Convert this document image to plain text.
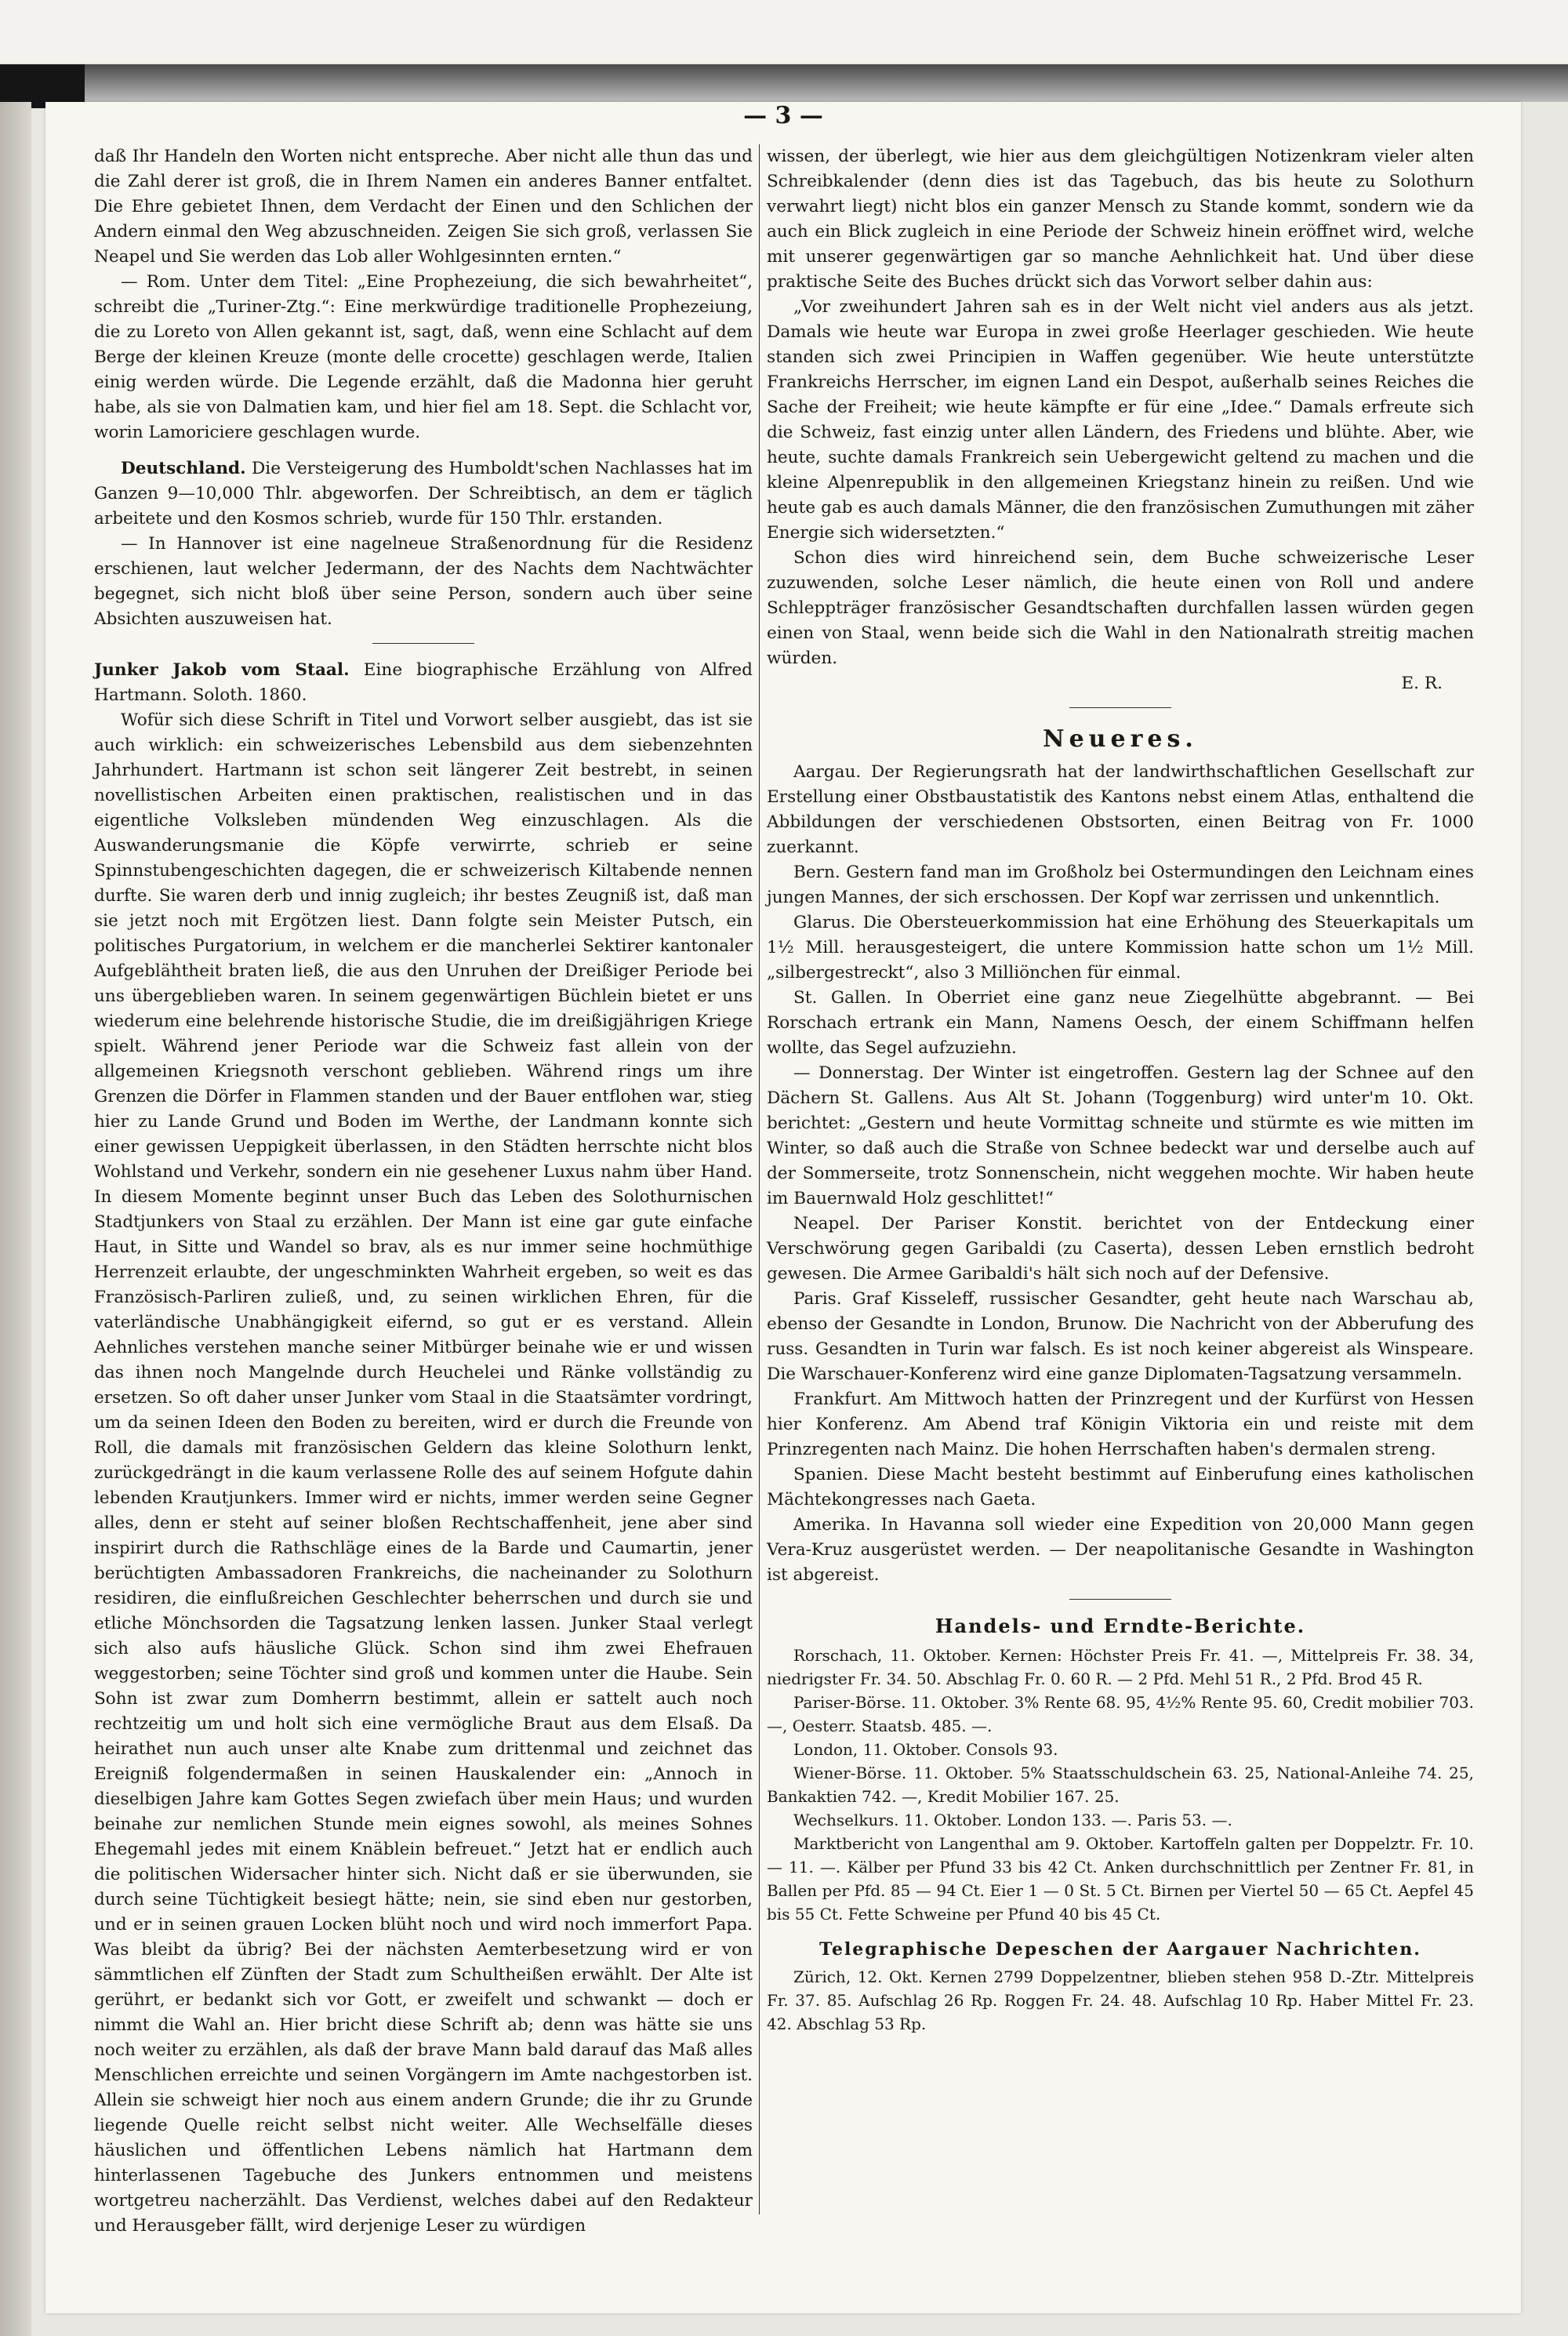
— 3 —

daß Ihr Handeln den Worten nicht entspreche. Aber nicht alle thun das und die Zahl derer ist groß, die in Ihrem Namen ein anderes Banner entfaltet. Die Ehre gebietet Ihnen, dem Verdacht der Einen und den Schlichen der Andern einmal den Weg abzuschneiden. Zeigen Sie sich groß, verlassen Sie Neapel und Sie werden das Lob aller Wohlgesinnten ernten.“

— Rom. Unter dem Titel: „Eine Prophezeiung, die sich bewahrheitet“, schreibt die „Turiner-Ztg.“: Eine merkwürdige traditionelle Prophezeiung, die zu Loreto von Allen gekannt ist, sagt, daß, wenn eine Schlacht auf dem Berge der kleinen Kreuze (monte delle crocette) geschlagen werde, Italien einig werden würde. Die Legende erzählt, daß die Madonna hier geruht habe, als sie von Dalmatien kam, und hier fiel am 18. Sept. die Schlacht vor, worin Lamoriciere geschlagen wurde.

Deutschland. Die Versteigerung des Humboldt'schen Nachlasses hat im Ganzen 9—10,000 Thlr. abgeworfen. Der Schreibtisch, an dem er täglich arbeitete und den Kosmos schrieb, wurde für 150 Thlr. erstanden.

— In Hannover ist eine nagelneue Straßenordnung für die Residenz erschienen, laut welcher Jedermann, der des Nachts dem Nachtwächter begegnet, sich nicht bloß über seine Person, sondern auch über seine Absichten auszuweisen hat.

Junker Jakob vom Staal. Eine biographische Erzählung von Alfred Hartmann. Soloth. 1860.

Wofür sich diese Schrift in Titel und Vorwort selber ausgiebt, das ist sie auch wirklich: ein schweizerisches Lebensbild aus dem siebenzehnten Jahrhundert. Hartmann ist schon seit längerer Zeit bestrebt, in seinen novellistischen Arbeiten einen praktischen, realistischen und in das eigentliche Volksleben mündenden Weg einzuschlagen. Als die Auswanderungsmanie die Köpfe verwirrte, schrieb er seine Spinnstubengeschichten dagegen, die er schweizerisch Kiltabende nennen durfte. Sie waren derb und innig zugleich; ihr bestes Zeugniß ist, daß man sie jetzt noch mit Ergötzen liest. Dann folgte sein Meister Putsch, ein politisches Purgatorium, in welchem er die mancherlei Sektirer kantonaler Aufgeblähtheit braten ließ, die aus den Unruhen der Dreißiger Periode bei uns übergeblieben waren. In seinem gegenwärtigen Büchlein bietet er uns wiederum eine belehrende historische Studie, die im dreißigjährigen Kriege spielt. Während jener Periode war die Schweiz fast allein von der allgemeinen Kriegsnoth verschont geblieben. Während rings um ihre Grenzen die Dörfer in Flammen standen und der Bauer entflohen war, stieg hier zu Lande Grund und Boden im Werthe, der Landmann konnte sich einer gewissen Ueppigkeit überlassen, in den Städten herrschte nicht blos Wohlstand und Verkehr, sondern ein nie gesehener Luxus nahm über Hand. In diesem Momente beginnt unser Buch das Leben des Solothurnischen Stadtjunkers von Staal zu erzählen. Der Mann ist eine gar gute einfache Haut, in Sitte und Wandel so brav, als es nur immer seine hochmüthige Herrenzeit erlaubte, der ungeschminkten Wahrheit ergeben, so weit es das Französisch-Parliren zuließ, und, zu seinen wirklichen Ehren, für die vaterländische Unabhängigkeit eifernd, so gut er es verstand. Allein Aehnliches verstehen manche seiner Mitbürger beinahe wie er und wissen das ihnen noch Mangelnde durch Heuchelei und Ränke vollständig zu ersetzen. So oft daher unser Junker vom Staal in die Staatsämter vordringt, um da seinen Ideen den Boden zu bereiten, wird er durch die Freunde von Roll, die damals mit französischen Geldern das kleine Solothurn lenkt, zurückgedrängt in die kaum verlassene Rolle des auf seinem Hofgute dahin lebenden Krautjunkers. Immer wird er nichts, immer werden seine Gegner alles, denn er steht auf seiner bloßen Rechtschaffenheit, jene aber sind inspirirt durch die Rathschläge eines de la Barde und Caumartin, jener berüchtigten Ambassadoren Frankreichs, die nacheinander zu Solothurn residiren, die einflußreichen Geschlechter beherrschen und durch sie und etliche Mönchsorden die Tagsatzung lenken lassen. Junker Staal verlegt sich also aufs häusliche Glück. Schon sind ihm zwei Ehefrauen weggestorben; seine Töchter sind groß und kommen unter die Haube. Sein Sohn ist zwar zum Domherrn bestimmt, allein er sattelt auch noch rechtzeitig um und holt sich eine vermögliche Braut aus dem Elsaß. Da heirathet nun auch unser alte Knabe zum drittenmal und zeichnet das Ereigniß folgendermaßen in seinen Hauskalender ein: „Annoch in dieselbigen Jahre kam Gottes Segen zwiefach über mein Haus; und wurden beinahe zur nemlichen Stunde mein eignes sowohl, als meines Sohnes Ehegemahl jedes mit einem Knäblein befreuet.“ Jetzt hat er endlich auch die politischen Widersacher hinter sich. Nicht daß er sie überwunden, sie durch seine Tüchtigkeit besiegt hätte; nein, sie sind eben nur gestorben, und er in seinen grauen Locken blüht noch und wird noch immerfort Papa. Was bleibt da übrig? Bei der nächsten Aemterbesetzung wird er von sämmtlichen elf Zünften der Stadt zum Schultheißen erwählt. Der Alte ist gerührt, er bedankt sich vor Gott, er zweifelt und schwankt — doch er nimmt die Wahl an. Hier bricht diese Schrift ab; denn was hätte sie uns noch weiter zu erzählen, als daß der brave Mann bald darauf das Maß alles Menschlichen erreichte und seinen Vorgängern im Amte nachgestorben ist. Allein sie schweigt hier noch aus einem andern Grunde; die ihr zu Grunde liegende Quelle reicht selbst nicht weiter. Alle Wechselfälle dieses häuslichen und öffentlichen Lebens nämlich hat Hartmann dem hinterlassenen Tagebuche des Junkers entnommen und meistens wortgetreu nacherzählt. Das Verdienst, welches dabei auf den Redakteur und Herausgeber fällt, wird derjenige Leser zu würdigen

wissen, der überlegt, wie hier aus dem gleichgültigen Notizenkram vieler alten Schreibkalender (denn dies ist das Tagebuch, das bis heute zu Solothurn verwahrt liegt) nicht blos ein ganzer Mensch zu Stande kommt, sondern wie da auch ein Blick zugleich in eine Periode der Schweiz hinein eröffnet wird, welche mit unserer gegenwärtigen gar so manche Aehnlichkeit hat. Und über diese praktische Seite des Buches drückt sich das Vorwort selber dahin aus:

„Vor zweihundert Jahren sah es in der Welt nicht viel anders aus als jetzt. Damals wie heute war Europa in zwei große Heerlager geschieden. Wie heute standen sich zwei Principien in Waffen gegenüber. Wie heute unterstützte Frankreichs Herrscher, im eignen Land ein Despot, außerhalb seines Reiches die Sache der Freiheit; wie heute kämpfte er für eine „Idee.“ Damals erfreute sich die Schweiz, fast einzig unter allen Ländern, des Friedens und blühte. Aber, wie heute, suchte damals Frankreich sein Uebergewicht geltend zu machen und die kleine Alpenrepublik in den allgemeinen Kriegstanz hinein zu reißen. Und wie heute gab es auch damals Männer, die den französischen Zumuthungen mit zäher Energie sich widersetzten.“

Schon dies wird hinreichend sein, dem Buche schweizerische Leser zuzuwenden, solche Leser nämlich, die heute einen von Roll und andere Schleppträger französischer Gesandtschaften durchfallen lassen würden gegen einen von Staal, wenn beide sich die Wahl in den Nationalrath streitig machen würden.

E. R.
Neueres.

Aargau. Der Regierungsrath hat der landwirthschaftlichen Gesellschaft zur Erstellung einer Obstbaustatistik des Kantons nebst einem Atlas, enthaltend die Abbildungen der verschiedenen Obstsorten, einen Beitrag von Fr. 1000 zuerkannt.

Bern. Gestern fand man im Großholz bei Ostermundingen den Leichnam eines jungen Mannes, der sich erschossen. Der Kopf war zerrissen und unkenntlich.

Glarus. Die Obersteuerkommission hat eine Erhöhung des Steuerkapitals um 1½ Mill. herausgesteigert, die untere Kommission hatte schon um 1½ Mill. „silbergestreckt“, also 3 Milliönchen für einmal.

St. Gallen. In Oberriet eine ganz neue Ziegelhütte abgebrannt. — Bei Rorschach ertrank ein Mann, Namens Oesch, der einem Schiffmann helfen wollte, das Segel aufzuziehn.

— Donnerstag. Der Winter ist eingetroffen. Gestern lag der Schnee auf den Dächern St. Gallens. Aus Alt St. Johann (Toggenburg) wird unter'm 10. Okt. berichtet: „Gestern und heute Vormittag schneite und stürmte es wie mitten im Winter, so daß auch die Straße von Schnee bedeckt war und derselbe auch auf der Sommerseite, trotz Sonnenschein, nicht weggehen mochte. Wir haben heute im Bauernwald Holz geschlittet!“

Neapel. Der Pariser Konstit. berichtet von der Entdeckung einer Verschwörung gegen Garibaldi (zu Caserta), dessen Leben ernstlich bedroht gewesen. Die Armee Garibaldi's hält sich noch auf der Defensive.

Paris. Graf Kisseleff, russischer Gesandter, geht heute nach Warschau ab, ebenso der Gesandte in London, Brunow. Die Nachricht von der Abberufung des russ. Gesandten in Turin war falsch. Es ist noch keiner abgereist als Winspeare. Die Warschauer-Konferenz wird eine ganze Diplomaten-Tagsatzung versammeln.

Frankfurt. Am Mittwoch hatten der Prinzregent und der Kurfürst von Hessen hier Konferenz. Am Abend traf Königin Viktoria ein und reiste mit dem Prinzregenten nach Mainz. Die hohen Herrschaften haben's dermalen streng.

Spanien. Diese Macht besteht bestimmt auf Einberufung eines katholischen Mächtekongresses nach Gaeta.

Amerika. In Havanna soll wieder eine Expedition von 20,000 Mann gegen Vera-Kruz ausgerüstet werden. — Der neapolitanische Gesandte in Washington ist abgereist.

Handels- und Erndte-Berichte.

Rorschach, 11. Oktober. Kernen: Höchster Preis Fr. 41. —, Mittelpreis Fr. 38. 34, niedrigster Fr. 34. 50. Abschlag Fr. 0. 60 R. — 2 Pfd. Mehl 51 R., 2 Pfd. Brod 45 R.

Pariser-Börse. 11. Oktober. 3% Rente 68. 95, 4½% Rente 95. 60, Credit mobilier 703. —, Oesterr. Staatsb. 485. —.

London, 11. Oktober. Consols 93.

Wiener-Börse. 11. Oktober. 5% Staatsschuldschein 63. 25, National-Anleihe 74. 25, Bankaktien 742. —, Kredit Mobilier 167. 25.

Wechselkurs. 11. Oktober. London 133. —. Paris 53. —.

Marktbericht von Langenthal am 9. Oktober. Kartoffeln galten per Doppelztr. Fr. 10. — 11. —. Kälber per Pfund 33 bis 42 Ct. Anken durchschnittlich per Zentner Fr. 81, in Ballen per Pfd. 85 — 94 Ct. Eier 1 — 0 St. 5 Ct. Birnen per Viertel 50 — 65 Ct. Aepfel 45 bis 55 Ct. Fette Schweine per Pfund 40 bis 45 Ct.

Telegraphische Depeschen der Aargauer Nachrichten.

Zürich, 12. Okt. Kernen 2799 Doppelzentner, blieben stehen 958 D.-Ztr. Mittelpreis Fr. 37. 85. Aufschlag 26 Rp. Roggen Fr. 24. 48. Aufschlag 10 Rp. Haber Mittel Fr. 23. 42. Abschlag 53 Rp.
